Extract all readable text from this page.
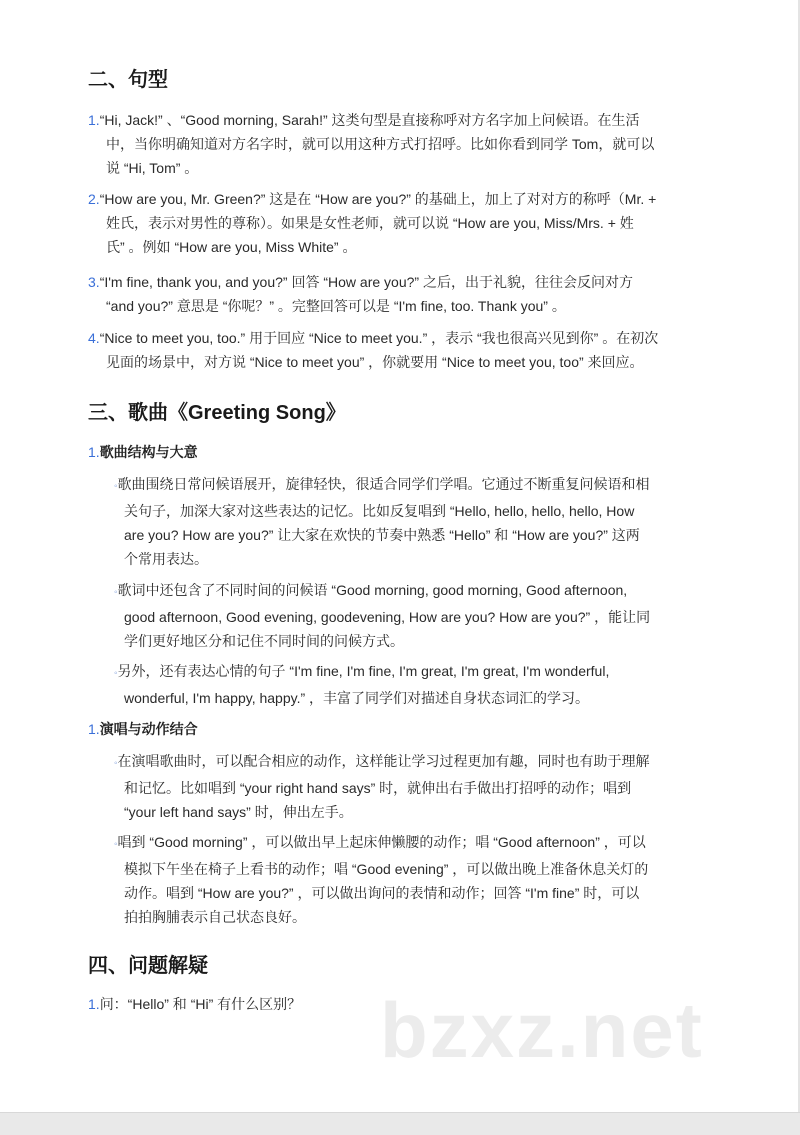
二、句型
1.“Hi, Jack!” 、“Good morning, Sarah!” 这类句型是直接称呼对方名字加上问候语。在生活
中，当你明确知道对方名字时，就可以用这种方式打招呼。比如你看到同学 Tom，就可以
说 “Hi, Tom” 。
2.“How are you, Mr. Green?” 这是在 “How are you?” 的基础上，加上了对对方的称呼（Mr. +
姓氏，表示对男性的尊称）。如果是女性老师，就可以说 “How are you, Miss/Mrs. + 姓
氏” 。例如 “How are you, Miss White” 。
3.“I'm fine, thank you, and you?” 回答 “How are you?” 之后，出于礼貌，往往会反问对方
“and you?” 意思是 “你呢？” 。完整回答可以是 “I'm fine, too. Thank you” 。
4.“Nice to meet you, too.” 用于回应 “Nice to meet you.” ，表示 “我也很高兴见到你” 。在初次
见面的场景中，对方说 “Nice to meet you” ，你就要用 “Nice to meet you, too” 来回应。
三、歌曲《Greeting Song》
1.歌曲结构与大意
◦歌曲围绕日常问候语展开，旋律轻快，很适合同学们学唱。它通过不断重复问候语和相
关句子，加深大家对这些表达的记忆。比如反复唱到 “Hello, hello, hello, hello, How
are you? How are you?” 让大家在欢快的节奏中熟悉 “Hello” 和 “How are you?” 这两
个常用表达。
◦歌词中还包含了不同时间的问候语 “Good morning, good morning, Good afternoon,
good afternoon, Good evening, goodevening, How are you? How are you?” ，能让同
学们更好地区分和记住不同时间的问候方式。
◦另外，还有表达心情的句子 “I'm fine, I'm fine, I'm great, I'm great, I'm wonderful,
wonderful, I'm happy, happy.” ，丰富了同学们对描述自身状态词汇的学习。
1.演唱与动作结合
◦在演唱歌曲时，可以配合相应的动作，这样能让学习过程更加有趣，同时也有助于理解
和记忆。比如唱到 “your right hand says” 时，就伸出右手做出打招呼的动作；唱到
“your left hand says” 时，伸出左手。
◦唱到 “Good morning” ，可以做出早上起床伸懒腰的动作；唱 “Good afternoon” ，可以
模拟下午坐在椅子上看书的动作；唱 “Good evening” ，可以做出晚上准备休息关灯的
动作。唱到 “How are you?” ，可以做出询问的表情和动作；回答 “I'm fine” 时，可以
拍拍胸脯表示自己状态良好。
四、问题解疑
bzxz.net
1.问：“Hello” 和 “Hi” 有什么区别？
